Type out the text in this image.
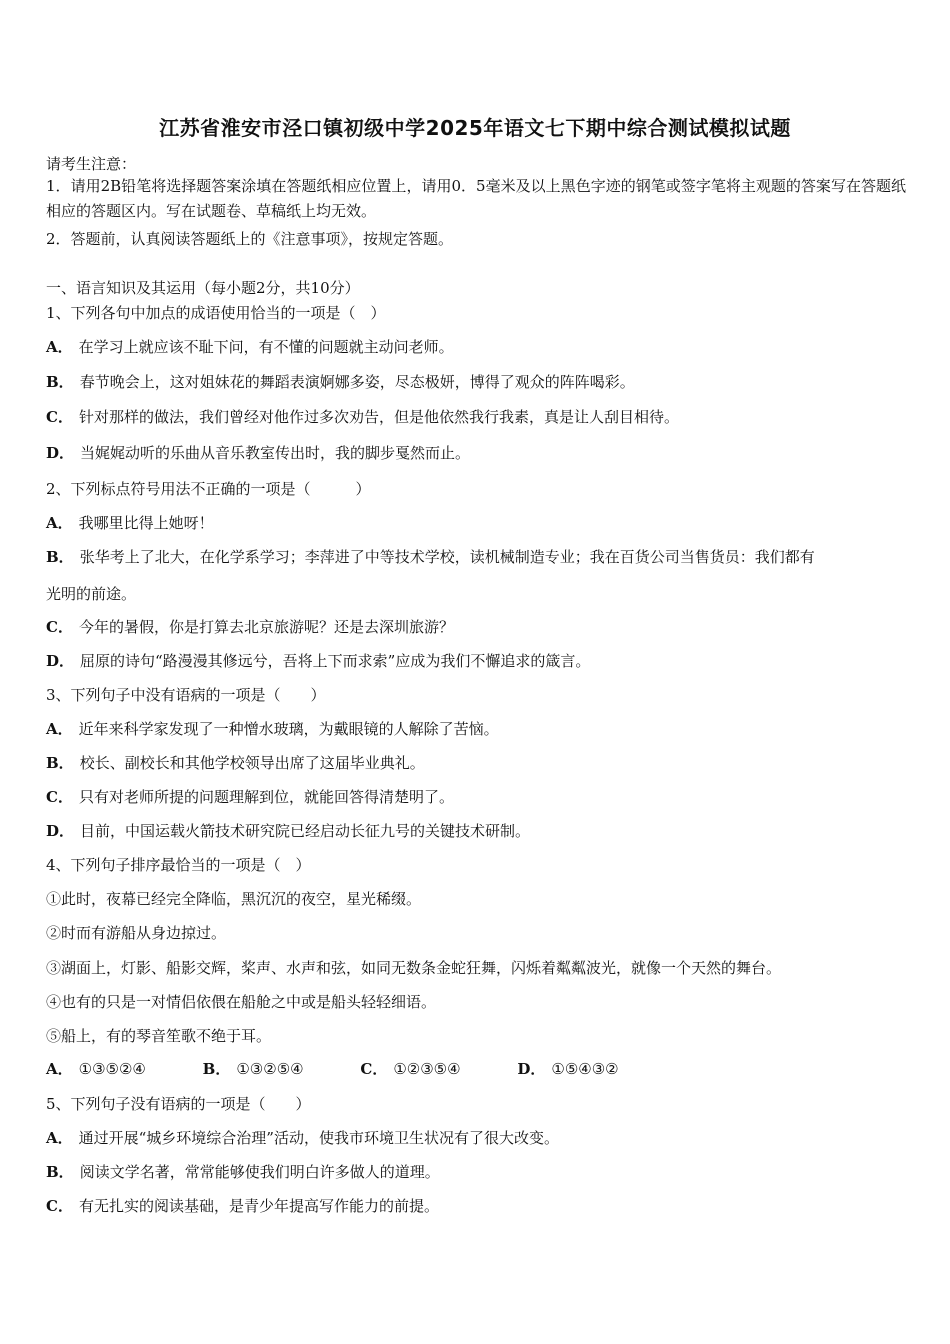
江苏省淮安市泾口镇初级中学2025年语文七下期中综合测试模拟试题
请考生注意：
1．请用2B铅笔将选择题答案涂填在答题纸相应位置上，请用0．5毫米及以上黑色字迹的钢笔或签字笔将主观题的答案写在答题纸相应的答题区内。写在试题卷、草稿纸上均无效。
2．答题前，认真阅读答题纸上的《注意事项》，按规定答题。
一、语言知识及其运用（每小题2分，共10分）
1、下列各句中加点的成语使用恰当的一项是（　）
A． 在学习上就应该不耻下问，有不懂的问题就主动问老师。
B． 春节晚会上，这对姐妹花的舞蹈表演婀娜多姿，尽态极妍，博得了观众的阵阵喝彩。
C． 针对那样的做法，我们曾经对他作过多次劝告，但是他依然我行我素，真是让人刮目相待。
D． 当娓娓动听的乐曲从音乐教室传出时，我的脚步戛然而止。
2、下列标点符号用法不正确的一项是（　　　）
A． 我哪里比得上她呀！
B． 张华考上了北大，在化学系学习；李萍进了中等技术学校，读机械制造专业；我在百货公司当售货员：我们都有
光明的前途。
C． 今年的暑假，你是打算去北京旅游呢？还是去深圳旅游？
D． 屈原的诗句“路漫漫其修远兮，吾将上下而求索”应成为我们不懈追求的箴言。
3、下列句子中没有语病的一项是（　　）
A． 近年来科学家发现了一种憎水玻璃，为戴眼镜的人解除了苦恼。
B． 校长、副校长和其他学校领导出席了这届毕业典礼。
C． 只有对老师所提的问题理解到位，就能回答得清楚明了。
D． 目前，中国运载火箭技术研究院已经启动长征九号的关键技术研制。
4、下列句子排序最恰当的一项是（　）
①此时，夜幕已经完全降临，黑沉沉的夜空，星光稀缀。
②时而有游船从身边掠过。
③湖面上，灯影、船影交辉，桨声、水声和弦，如同无数条金蛇狂舞，闪烁着粼粼波光，就像一个天然的舞台。
④也有的只是一对情侣依偎在船舱之中或是船头轻轻细语。
⑤船上，有的琴音笙歌不绝于耳。
A． ①③⑤②④	B． ①③②⑤④	C． ①②③⑤④	D． ①⑤④③②
5、下列句子没有语病的一项是（　　）
A． 通过开展“城乡环境综合治理”活动，使我市环境卫生状况有了很大改变。
B． 阅读文学名著，常常能够使我们明白许多做人的道理。
C． 有无扎实的阅读基础，是青少年提高写作能力的前提。
